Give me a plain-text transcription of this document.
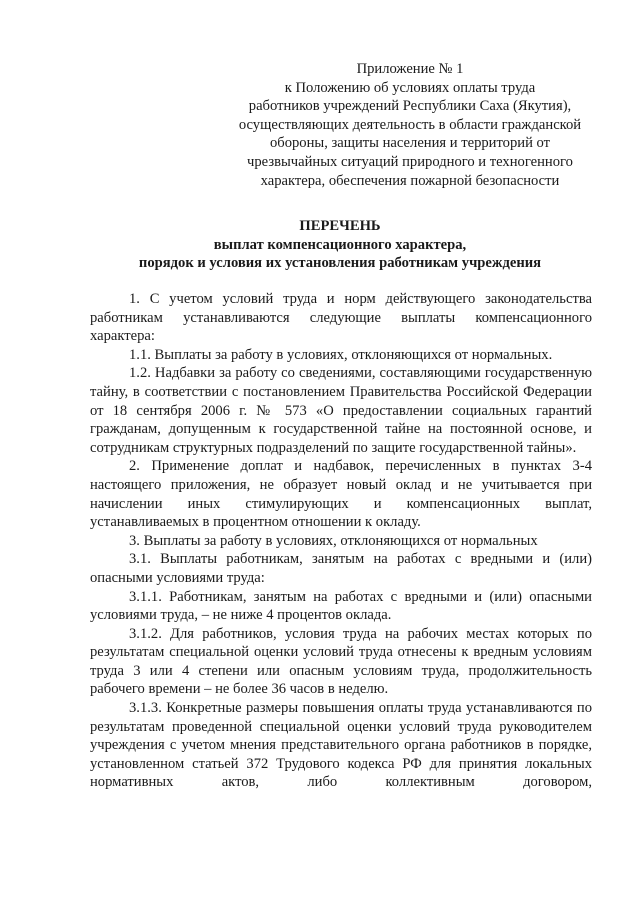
Приложение № 1
к Положению об условиях оплаты труда
работников учреждений Республики Саха (Якутия),
осуществляющих деятельность в области гражданской
обороны, защиты населения и территорий от
чрезвычайных ситуаций природного и техногенного
характера, обеспечения пожарной безопасности
ПЕРЕЧЕНЬ
выплат компенсационного характера,
порядок и условия их установления работникам учреждения

1. С учетом условий труда и норм действующего законодательства работникам устанавливаются следующие выплаты компенсационного характера:

1.1. Выплаты за работу в условиях, отклоняющихся от нормальных.

1.2. Надбавки за работу со сведениями, составляющими государственную тайну, в соответствии с постановлением Правительства Российской Федерации от 18 сентября 2006 г. № 573 «О предоставлении социальных гарантий гражданам, допущенным к государственной тайне на постоянной основе, и сотрудникам структурных подразделений по защите государственной тайны».

2. Применение доплат и надбавок, перечисленных в пунктах 3-4 настоящего приложения, не образует новый оклад и не учитывается при начислении иных стимулирующих и компенсационных выплат, устанавливаемых в процентном отношении к окладу.

3. Выплаты за работу в условиях, отклоняющихся от нормальных

3.1. Выплаты работникам, занятым на работах с вредными и (или) опасными условиями труда:

3.1.1. Работникам, занятым на работах с вредными и (или) опасными условиями труда, – не ниже 4 процентов оклада.

3.1.2. Для работников, условия труда на рабочих местах которых по результатам специальной оценки условий труда отнесены к вредным условиям труда 3 или 4 степени или опасным условиям труда, продолжительность рабочего времени – не более 36 часов в неделю.

3.1.3. Конкретные размеры повышения оплаты труда устанавливаются по результатам проведенной специальной оценки условий труда руководителем учреждения с учетом мнения представительного органа работников в порядке, установленном статьей 372 Трудового кодекса РФ для принятия локальных нормативных актов, либо коллективным договором,
